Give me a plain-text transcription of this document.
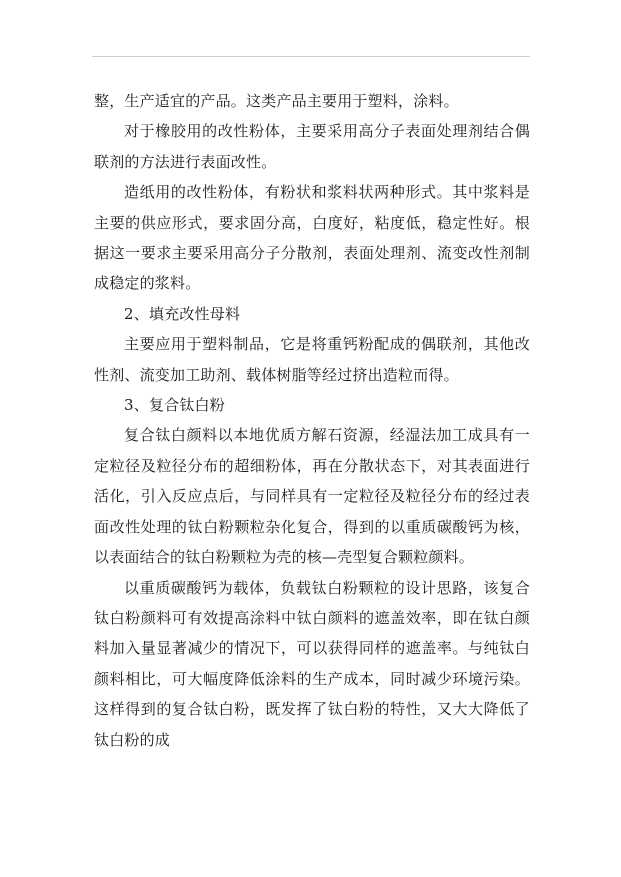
整，生产适宜的产品。这类产品主要用于塑料，涂料。

对于橡胶用的改性粉体，主要采用高分子表面处理剂结合偶联剂的方法进行表面改性。

造纸用的改性粉体，有粉状和浆料状两种形式。其中浆料是主要的供应形式，要求固分高，白度好，粘度低，稳定性好。根据这一要求主要采用高分子分散剂，表面处理剂、流变改性剂制成稳定的浆料。

2、填充改性母料

主要应用于塑料制品，它是将重钙粉配成的偶联剂，其他改性剂、流变加工助剂、载体树脂等经过挤出造粒而得。

3、复合钛白粉

复合钛白颜料以本地优质方解石资源，经湿法加工成具有一定粒径及粒径分布的超细粉体，再在分散状态下，对其表面进行活化，引入反应点后，与同样具有一定粒径及粒径分布的经过表面改性处理的钛白粉颗粒杂化复合，得到的以重质碳酸钙为核，以表面结合的钛白粉颗粒为壳的核—壳型复合颗粒颜料。

以重质碳酸钙为载体，负载钛白粉颗粒的设计思路，该复合钛白粉颜料可有效提高涂料中钛白颜料的遮盖效率，即在钛白颜料加入量显著减少的情况下，可以获得同样的遮盖率。与纯钛白颜料相比，可大幅度降低涂料的生产成本，同时减少环境污染。这样得到的复合钛白粉，既发挥了钛白粉的特性，又大大降低了钛白粉的成
